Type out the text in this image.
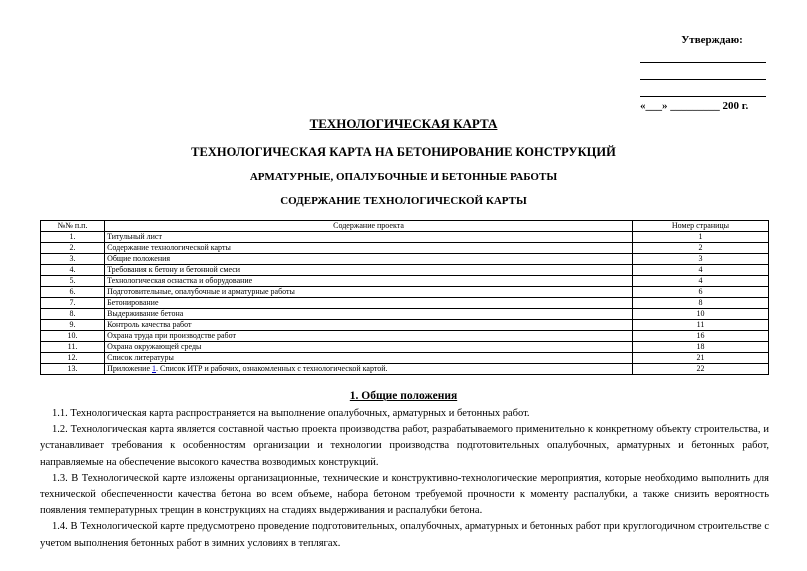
Утверждаю:
«___» _________ 200 г.
ТЕХНОЛОГИЧЕСКАЯ КАРТА
ТЕХНОЛОГИЧЕСКАЯ КАРТА НА БЕТОНИРОВАНИЕ КОНСТРУКЦИЙ
АРМАТУРНЫЕ, ОПАЛУБОЧНЫЕ И БЕТОННЫЕ РАБОТЫ
СОДЕРЖАНИЕ ТЕХНОЛОГИЧЕСКОЙ КАРТЫ
№№ п.п.	Содержание проекта	Номер страницы
1.	Титульный лист	1
2.	Содержание технологической карты	2
3.	Общие положения	3
4.	Требования к бетону и бетонной смеси	4
5.	Технологическая оснастка и оборудование	4
6.	Подготовительные, опалубочные и арматурные работы	6
7.	Бетонирование	8
8.	Выдерживание бетона	10
9.	Контроль качества работ	11
10.	Охрана труда при производстве работ	16
11.	Охрана окружающей среды	18
12.	Список литературы	21
13.	Приложение 1. Список ИТР и рабочих, ознакомленных с технологической картой.	22
1. Общие положения

1.1. Технологическая карта распространяется на выполнение опалубочных, арматурных и бетонных работ.

1.2. Технологическая карта является составной частью проекта производства работ, разрабатываемого применительно к конкретному объекту строительства, и устанавливает требования к особенностям организации и технологии производства подготовительных опалубочных, арматурных и бетонных работ, направляемые на обеспечение высокого качества возводимых конструкций.

1.3. В Технологической карте изложены организационные, технические и конструктивно-технологические мероприятия, которые необходимо выполнить для технической обеспеченности качества бетона во всем объеме, набора бетоном требуемой прочности к моменту распалубки, а также снизить вероятность появления температурных трещин в конструкциях на стадиях выдерживания и распалубки бетона.

1.4. В Технологической карте предусмотрено проведение подготовительных, опалубочных, арматурных и бетонных работ при круглогодичном строительстве с учетом выполнения бетонных работ в зимних условиях в теплягах.
